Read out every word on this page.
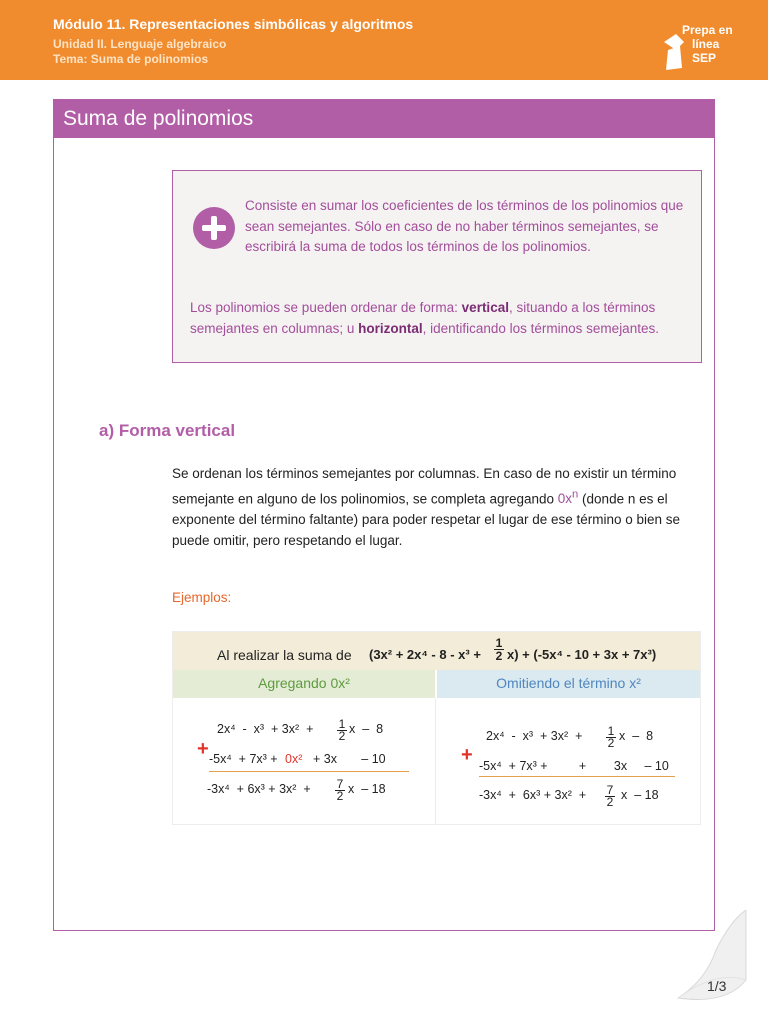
Módulo 11. Representaciones simbólicas y algoritmos
Unidad II. Lenguaje algebraico
Tema: Suma de polinomios
Prepa en
línea
SEP
Suma de polinomios
Consiste en sumar los coeficientes de los términos de los polinomios que sean semejantes. Sólo en caso de no haber términos semejantes, se escribirá la suma de todos los términos de los polinomios.
Los polinomios se pueden ordenar de forma: vertical, situando a los términos semejantes en columnas; u horizontal, identificando los términos semejantes.
a) Forma vertical
Se ordenan los términos semejantes por columnas. En caso de no existir un término semejante en alguno de los polinomios, se completa agregando $0x^n$ (donde n es el exponente del término faltante) para poder respetar el lugar de ese término o bien se puede omitir, pero respetando el lugar.
Ejemplos:
Al realizar la suma de $(3x^2 + 2x^4 - 8 - x^3 + \frac{1}{2} x) + (-5x^4 - 10 + 3x + 7x^3)$
Agregando 0x²	Omitiendo el término x²
2x⁴  -  x³  + 3x²  + 1
2 x  –  8
+ -5x⁴  + 7x³ + 0x² + 3x       – 10
-3x⁴  + 6x³ + 3x²  + 7
2 x  – 18
2x⁴  -  x³  + 3x²  + 1
2 x  –  8
+ -5x⁴  + 7x³ +         +        3x     – 10
-3x⁴  +  6x³ + 3x²  + 7
2 x  – 18
1/3
